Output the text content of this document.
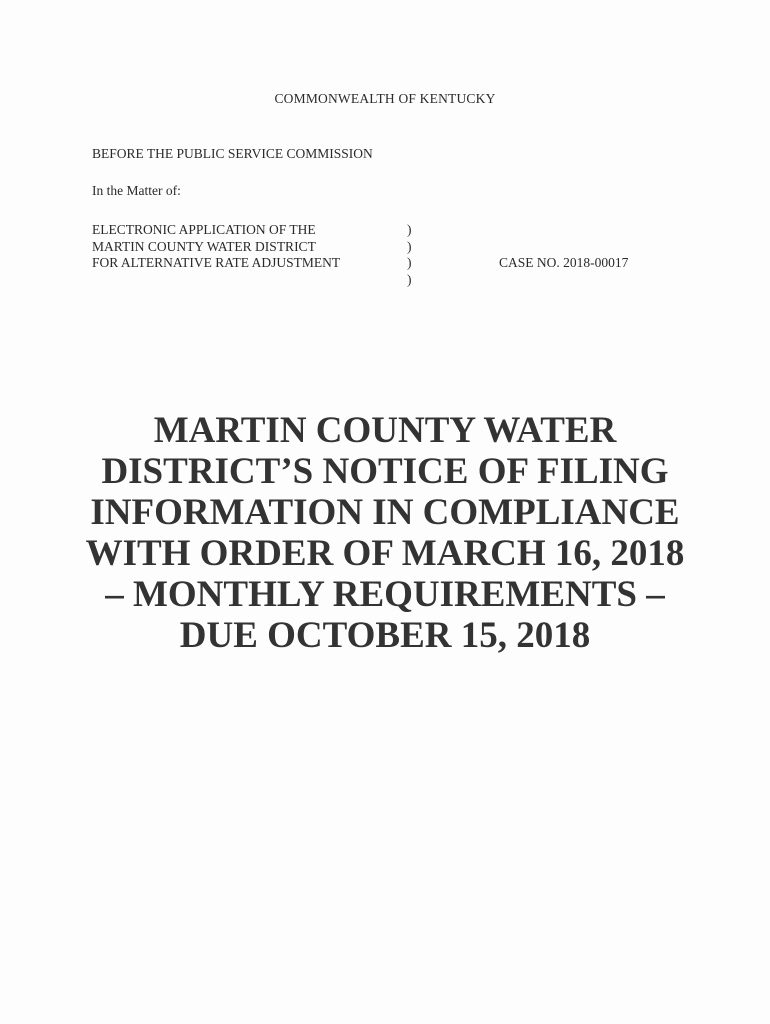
COMMONWEALTH OF KENTUCKY
BEFORE THE PUBLIC SERVICE COMMISSION
In the Matter of:
ELECTRONIC APPLICATION OF THE
MARTIN COUNTY WATER DISTRICT
FOR ALTERNATIVE RATE ADJUSTMENT
)
)
)
)
CASE NO. 2018-00017
MARTIN COUNTY WATER
DISTRICT’S NOTICE OF FILING
INFORMATION IN COMPLIANCE
WITH ORDER OF MARCH 16, 2018
– MONTHLY REQUIREMENTS –
DUE OCTOBER 15, 2018
